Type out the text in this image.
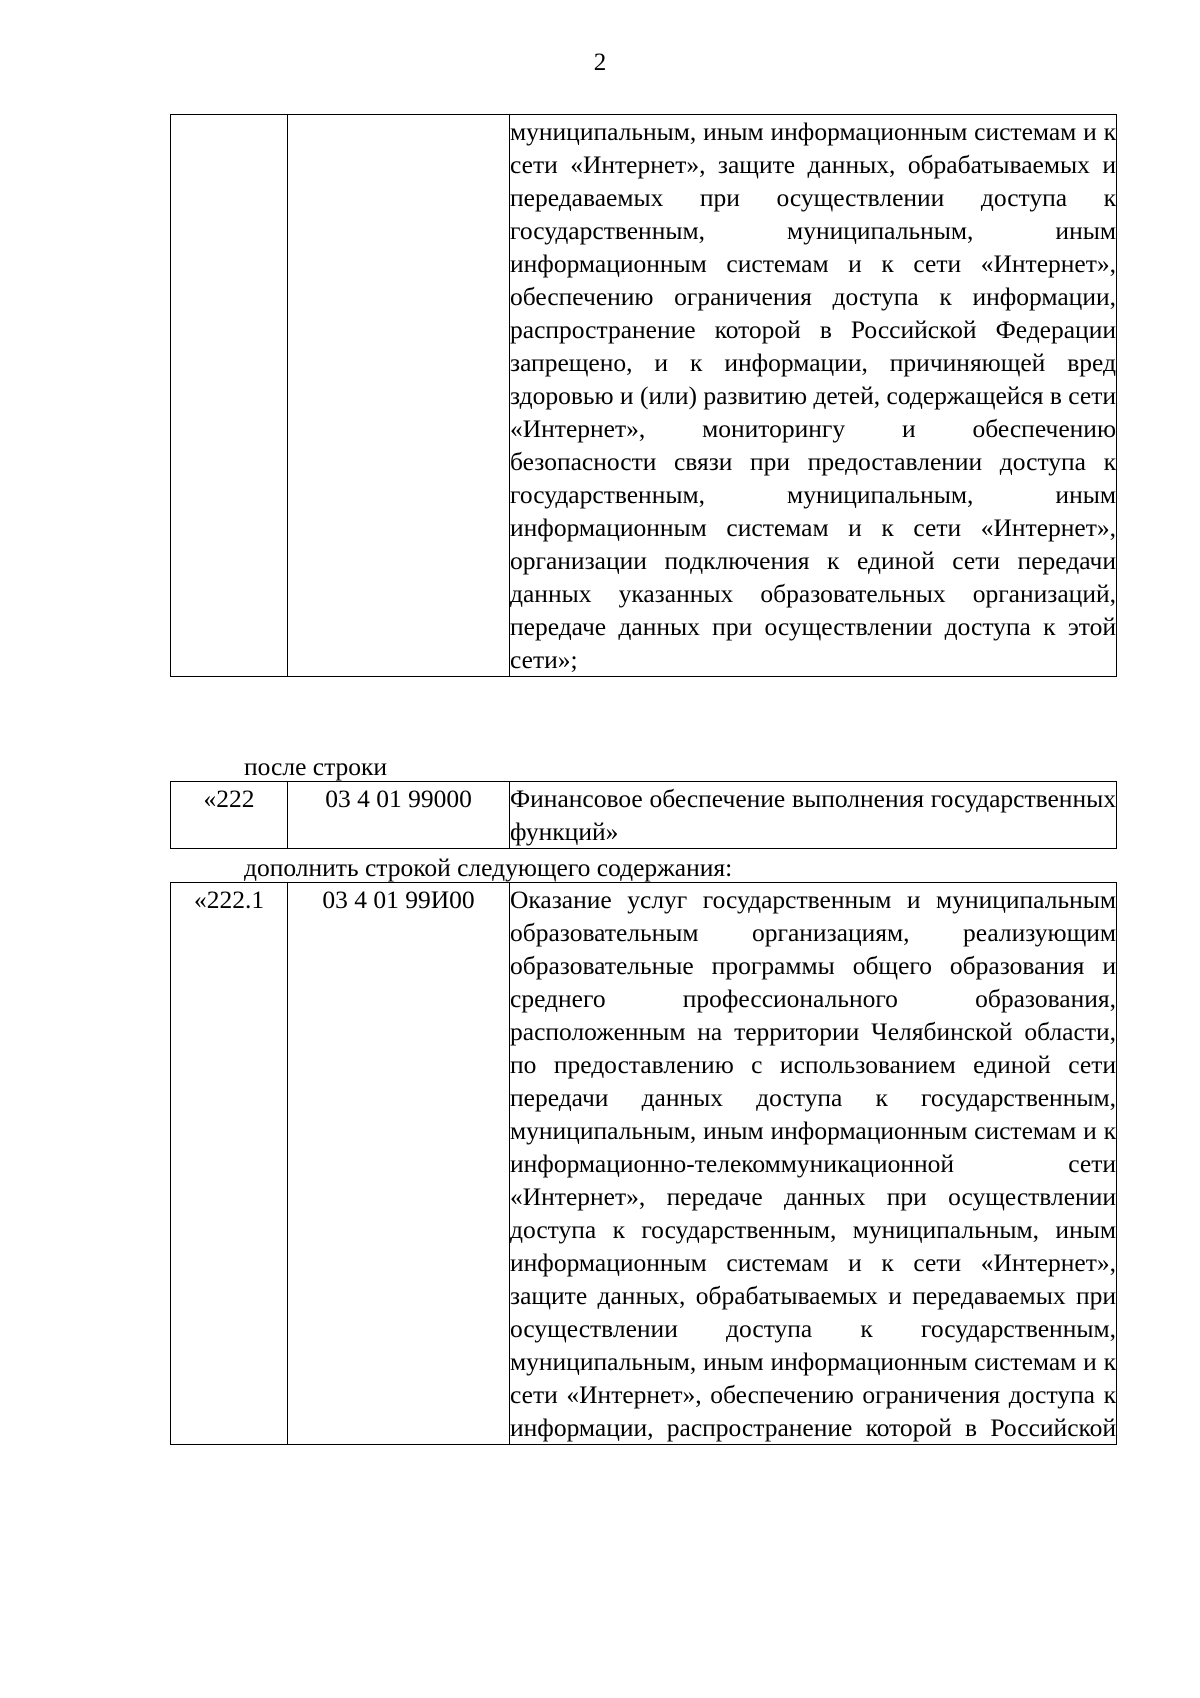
2
		муниципальным, иным информационным системам и к сети «Интернет», защите данных, обрабатываемых и передаваемых при осуществлении доступа к государственным, муниципальным, иным информационным системам и к сети «Интернет», обеспечению ограничения доступа к информации, распространение которой в Российской Федерации запрещено, и к информации, причиняющей вред здоровью и (или) развитию детей, содержащейся в сети «Интернет», мониторингу и обеспечению безопасности связи при предоставлении доступа к государственным, муниципальным, иным информационным системам и к сети «Интернет», организации подключения к единой сети передачи данных указанных образовательных организаций, передаче данных при осуществлении доступа к этой сети»;
после строки
«222	03 4 01 99000	Финансовое обеспечение выполнения государственных функций»
дополнить строкой следующего содержания:
«222.1	03 4 01 99И00	Оказание услуг государственным и муниципальным образовательным организациям, реализующим образовательные программы общего образования и среднего профессионального образования, расположенным на территории Челябинской области, по предоставлению с использованием единой сети передачи данных доступа к государственным, муниципальным, иным информационным системам и к информационно-телекоммуникационной сети «Интернет», передаче данных при осуществлении доступа к государственным, муниципальным, иным информационным системам и к сети «Интернет», защите данных, обрабатываемых и передаваемых при осуществлении доступа к государственным, муниципальным, иным информационным системам и к сети «Интернет», обеспечению ограничения доступа к информации, распространение которой в Российской
